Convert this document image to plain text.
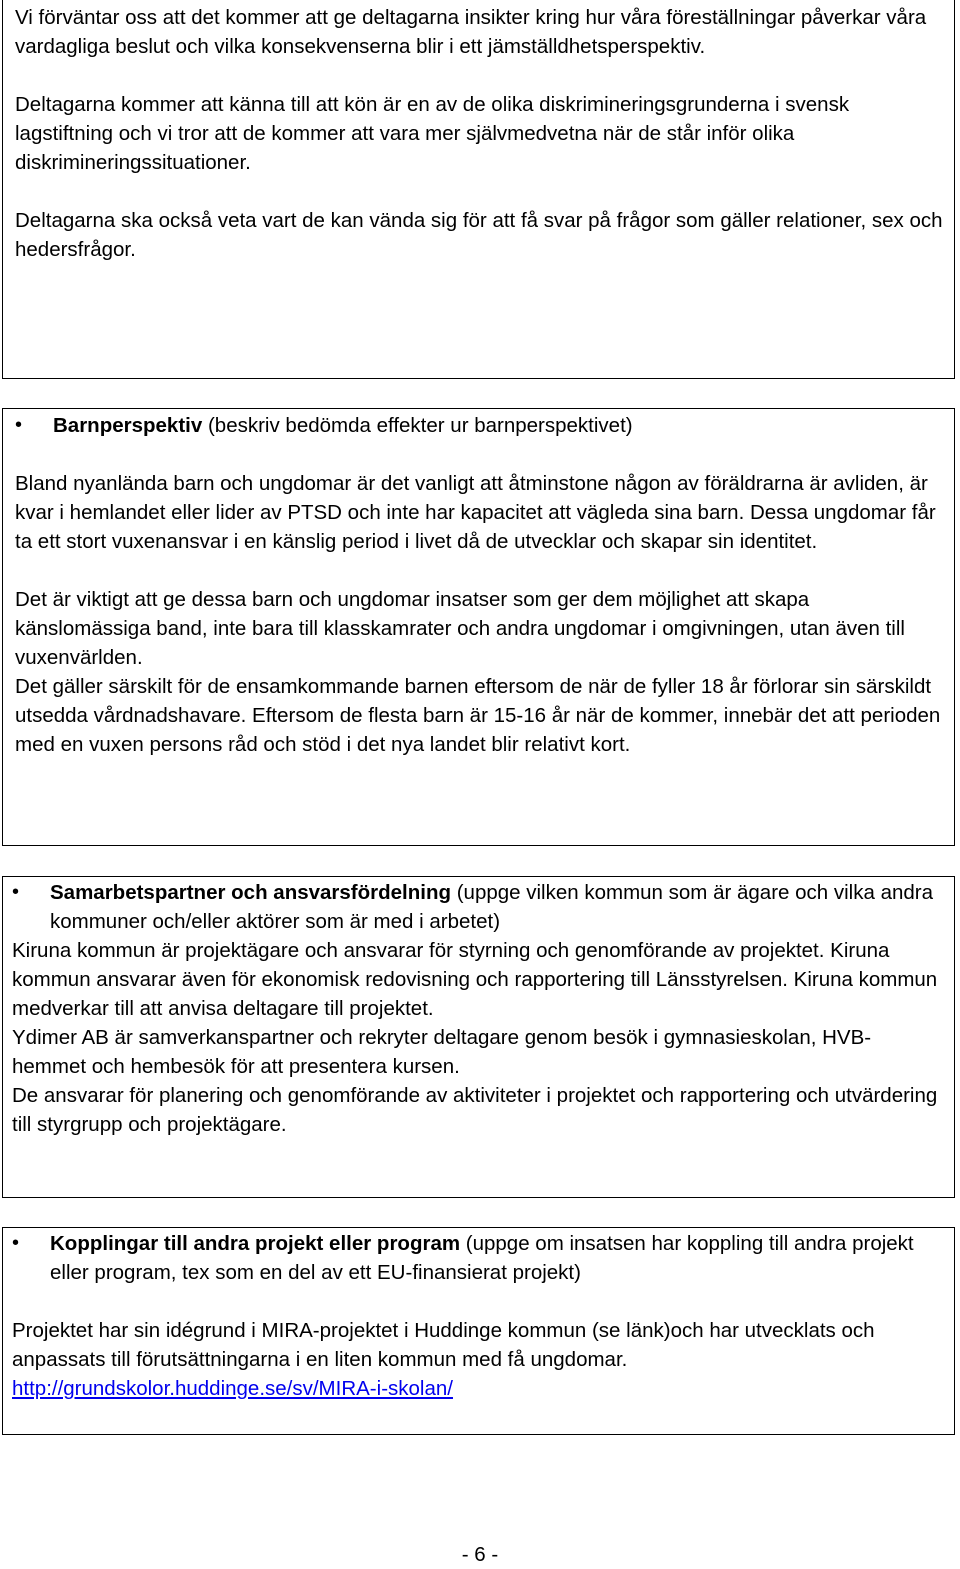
Vi förväntar oss att det kommer att ge deltagarna insikter kring hur våra föreställningar påverkar våra vardagliga beslut och vilka konsekvenserna blir i ett jämställdhetsperspektiv.

Deltagarna kommer att känna till att kön är en av de olika diskrimineringsgrunderna i svensk lagstiftning och vi tror att de kommer att vara mer självmedvetna när de står inför olika diskrimineringssituationer.

Deltagarna ska också veta vart de kan vända sig för att få svar på frågor som gäller relationer, sex och hedersfrågor.

•	Barnperspektiv (beskriv bedömda effekter ur barnperspektivet)

Bland nyanlända barn och ungdomar är det vanligt att åtminstone någon av föräldrarna är avliden, är kvar i hemlandet eller lider av PTSD och inte har kapacitet att vägleda sina barn. Dessa ungdomar får ta ett stort vuxenansvar i en känslig period i livet då de utvecklar och skapar sin identitet.

Det är viktigt att ge dessa barn och ungdomar insatser som ger dem möjlighet att skapa känslomässiga band, inte bara till klasskamrater och andra ungdomar i omgivningen, utan även till vuxenvärlden.

Det gäller särskilt för de ensamkommande barnen eftersom de när de fyller 18 år förlorar sin särskildt utsedda vårdnadshavare. Eftersom de flesta barn är 15-16 år när de kommer, innebär det att perioden med en vuxen persons råd och stöd i det nya landet blir relativt kort.

•	Samarbetspartner och ansvarsfördelning (uppge vilken kommun som är ägare och vilka andra kommuner och/eller aktörer som är med i arbetet)

Kiruna kommun är projektägare och ansvarar för styrning och genomförande av projektet. Kiruna kommun ansvarar även för ekonomisk redovisning och rapportering till Länsstyrelsen. Kiruna kommun medverkar till att anvisa deltagare till projektet.

Ydimer AB är samverkanspartner och rekryter deltagare genom besök i gymnasieskolan, HVB-hemmet och hembesök för att presentera kursen.

De ansvarar för planering och genomförande av aktiviteter i projektet och rapportering och utvärdering till styrgrupp och projektägare.

•	Kopplingar till andra projekt eller program (uppge om insatsen har koppling till andra projekt eller program, tex som en del av ett EU-finansierat projekt)

Projektet har sin idégrund i MIRA-projektet i Huddinge kommun (se länk)och har utvecklats och anpassats till förutsättningarna i en liten kommun med få ungdomar.

http://grundskolor.huddinge.se/sv/MIRA-i-skolan/

- 6 -
